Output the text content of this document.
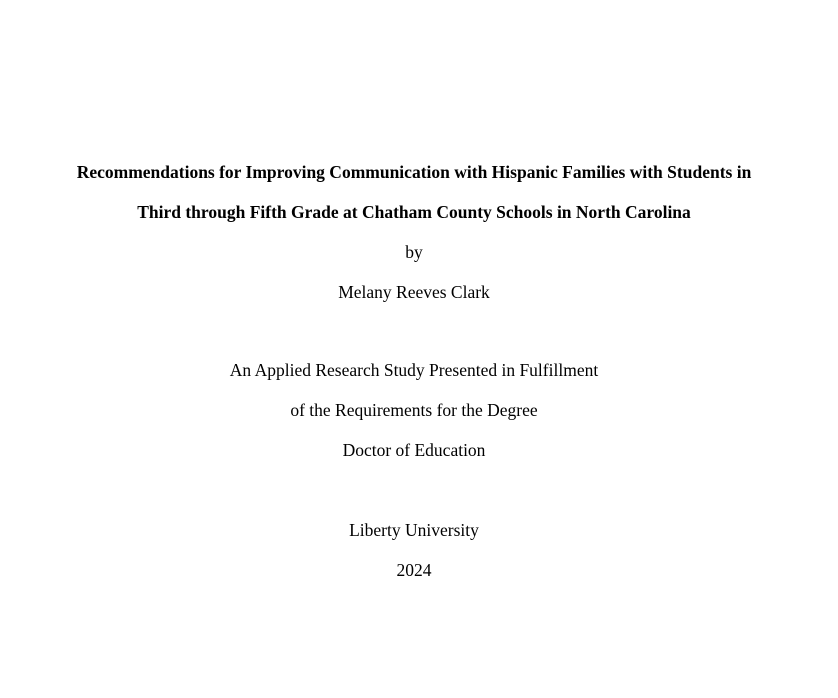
Recommendations for Improving Communication with Hispanic Families with Students in
Third through Fifth Grade at Chatham County Schools in North Carolina
by
Melany Reeves Clark
An Applied Research Study Presented in Fulfillment
of the Requirements for the Degree
Doctor of Education
Liberty University
2024
